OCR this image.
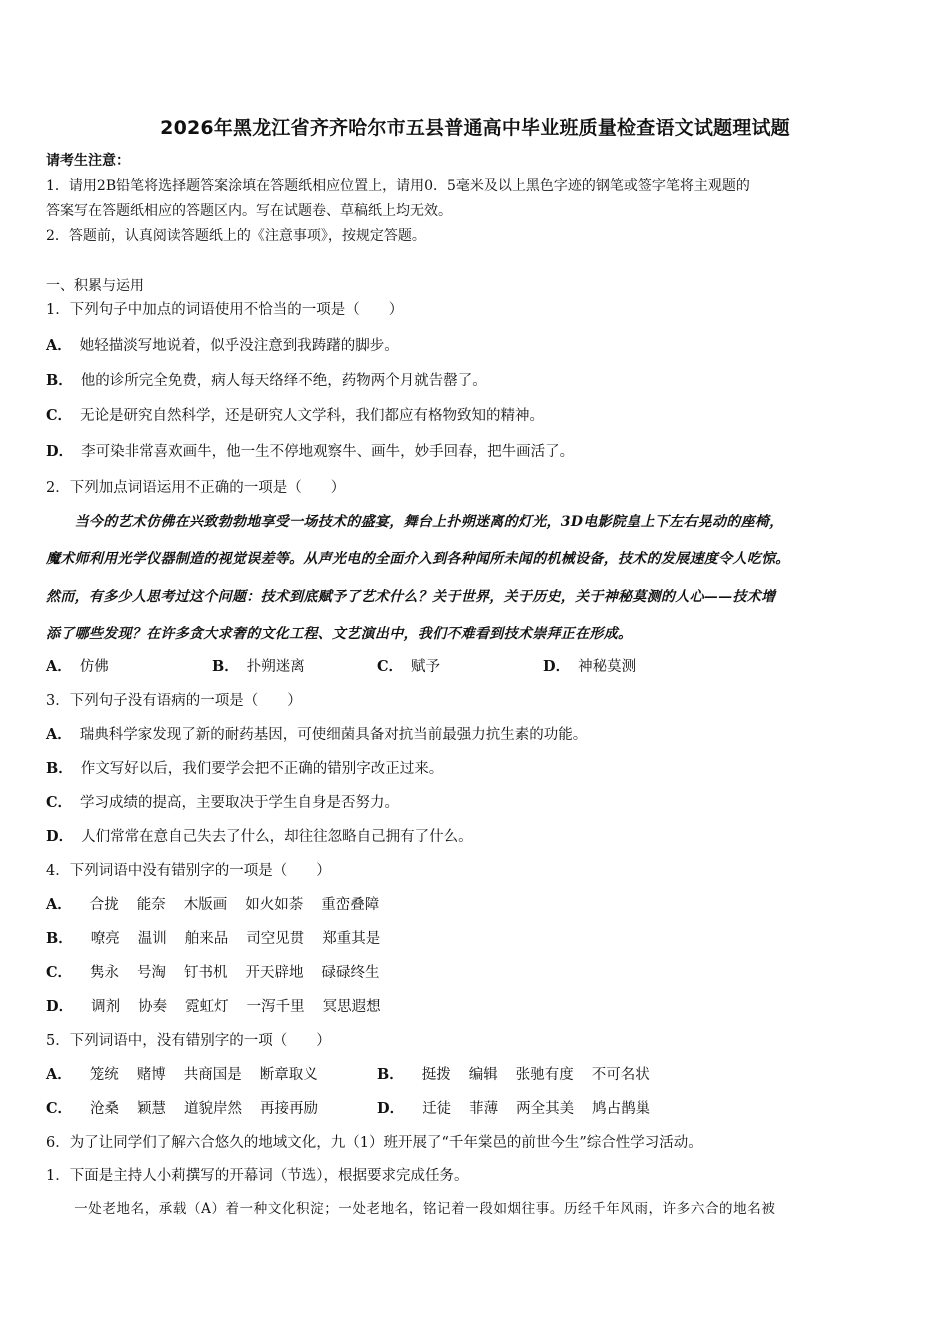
2026年黑龙江省齐齐哈尔市五县普通高中毕业班质量检查语文试题理试题
请考生注意：
1．请用2B铅笔将选择题答案涂填在答题纸相应位置上，请用0．5毫米及以上黑色字迹的钢笔或签字笔将主观题的
答案写在答题纸相应的答题区内。写在试题卷、草稿纸上均无效。
2．答题前，认真阅读答题纸上的《注意事项》，按规定答题。
一、积累与运用
1．下列句子中加点的词语使用不恰当的一项是（　　）
A． 她轻描淡写地说着，似乎没注意到我踌躇的脚步。
B． 他的诊所完全免费，病人每天络绎不绝，药物两个月就告罄了。
C． 无论是研究自然科学，还是研究人文学科，我们都应有格物致知的精神。
D． 李可染非常喜欢画牛，他一生不停地观察牛、画牛，妙手回春，把牛画活了。
2．下列加点词语运用不正确的一项是（　　）
　　当今的艺术仿佛在兴致勃勃地享受一场技术的盛宴，舞台上扑朔迷离的灯光，3D电影院皇上下左右晃动的座椅，
魔术师利用光学仪器制造的视觉误差等。从声光电的全面介入到各种闻所未闻的机械设备，技术的发展速度令人吃惊。
然而，有多少人思考过这个问题：技术到底赋予了艺术什么？关于世界，关于历史，关于神秘莫测的人心——技术增
添了哪些发现？在许多贪大求奢的文化工程、文艺演出中，我们不难看到技术崇拜正在形成。
A． 仿佛	B． 扑朔迷离	C． 赋予	D． 神秘莫测
3．下列句子没有语病的一项是（　　）
A． 瑞典科学家发现了新的耐药基因，可使细菌具备对抗当前最强力抗生素的功能。
B． 作文写好以后，我们要学会把不正确的错别字改正过来。
C． 学习成绩的提高，主要取决于学生自身是否努力。
D． 人们常常在意自己失去了什么，却往往忽略自己拥有了什么。
4．下列词语中没有错别字的一项是（　　）
A． 合拢 能奈 木版画 如火如荼 重峦叠障
B． 嘹亮 温训 舶来品 司空见贯 郑重其是
C． 隽永 号淘 钉书机 开天辟地 碌碌终生
D． 调剂 协奏 霓虹灯 一泻千里 冥思遐想
5．下列词语中，没有错别字的一项（　　）
A． 笼统 赌博 共商国是 断章取义	B． 挺拨 编辑 张驰有度 不可名状
C． 沧桑 颖慧 道貌岸然 再接再励	D． 迁徒 菲薄 两全其美 鸠占鹊巢
6．为了让同学们了解六合悠久的地域文化，九（1）班开展了“千年棠邑的前世今生”综合性学习活动。
1．下面是主持人小莉撰写的开幕词（节选），根据要求完成任务。
　　一处老地名，承载（A）着一种文化积淀；一处老地名，铭记着一段如烟往事。历经千年风雨，许多六合的地名被
